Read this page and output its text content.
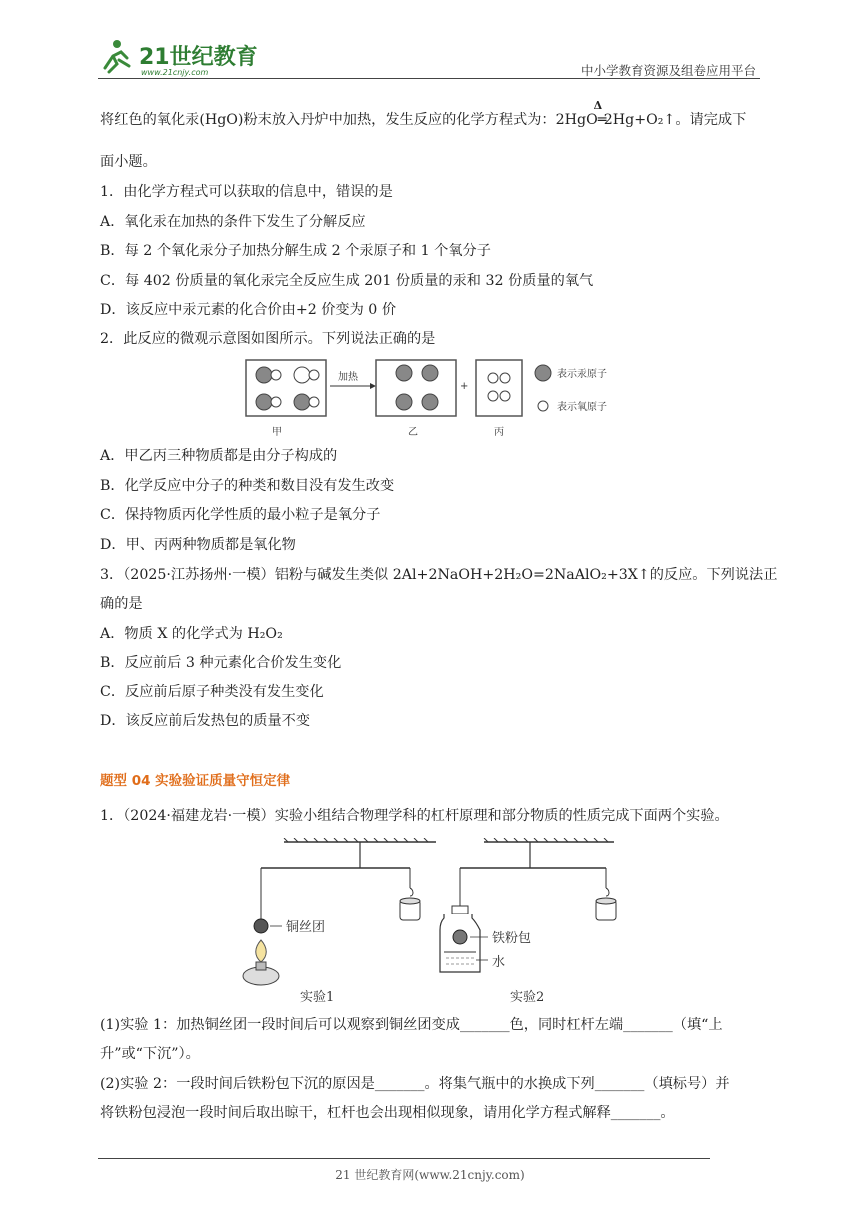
21世纪教育
www.21cnjy.com	中小学教育资源及组卷应用平台
将红色的氧化汞(HgO)粉末放入丹炉中加热，发生反应的化学方程式为：2HgO
Δ
═2Hg+O₂↑。请完成下
面小题。
1．由化学方程式可以获取的信息中，错误的是
A．氧化汞在加热的条件下发生了分解反应
B．每 2 个氧化汞分子加热分解生成 2 个汞原子和 1 个氧分子
C．每 402 份质量的氧化汞完全反应生成 201 份质量的汞和 32 份质量的氧气
D．该反应中汞元素的化合价由+2 价变为 0 价
2．此反应的微观示意图如图所示。下列说法正确的是
加热
+
表示汞原子
表示氧原子
甲	乙	丙
A．甲乙丙三种物质都是由分子构成的
B．化学反应中分子的种类和数目没有发生改变
C．保持物质丙化学性质的最小粒子是氧分子
D．甲、丙两种物质都是氧化物
3．（2025·江苏扬州·一模）铝粉与碱发生类似 2Al+2NaOH+2H₂O=2NaAlO₂+3X↑的反应。下列说法正
确的是
A．物质 X 的化学式为 H₂O₂
B．反应前后 3 种元素化合价发生变化
C．反应前后原子种类没有发生变化
D．该反应前后发热包的质量不变
题型 04 实验验证质量守恒定律
1．（2024·福建龙岩·一模）实验小组结合物理学科的杠杆原理和部分物质的性质完成下面两个实验。
铜丝团
实验1
铁粉包
水
实验2
(1)实验 1：加热铜丝团一段时间后可以观察到铜丝团变成_______色，同时杠杆左端_______（填“上
升”或“下沉”）。
(2)实验 2：一段时间后铁粉包下沉的原因是_______。将集气瓶中的水换成下列_______（填标号）并
将铁粉包浸泡一段时间后取出晾干，杠杆也会出现相似现象，请用化学方程式解释_______。
21 世纪教育网(www.21cnjy.com)
